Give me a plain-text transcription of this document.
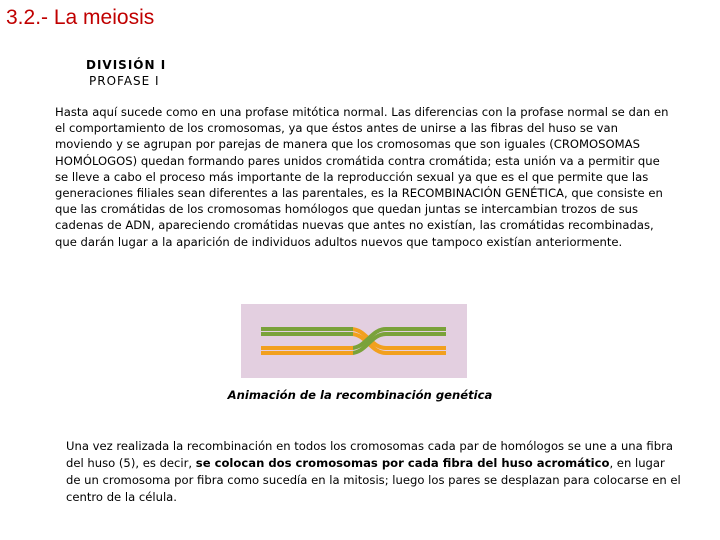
3.2.- La meiosis
DIVISIÓN I
PROFASE I
Hasta aquí sucede como en una profase mitótica normal. Las diferencias con la profase normal se dan en el comportamiento de los cromosomas, ya que éstos antes de unirse a las fibras del huso se van moviendo y se agrupan por parejas de manera que los cromosomas que son iguales (CROMOSOMAS HOMÓLOGOS) quedan formando pares unidos cromátida contra cromátida; esta unión va a permitir que se lleve a cabo el proceso más importante de la reproducción sexual ya que es el que permite que las generaciones filiales sean diferentes a las parentales, es la RECOMBINACIÓN GENÉTICA, que consiste en que las cromátidas de los cromosomas homólogos que quedan juntas se intercambian trozos de sus cadenas de ADN, apareciendo cromátidas nuevas que antes no existían, las cromátidas recombinadas, que darán lugar a la aparición de individuos adultos nuevos que tampoco existían anteriormente.
Animación de la recombinación genética
Una vez realizada la recombinación en todos los cromosomas cada par de homólogos se une a una fibra del huso (5), es decir, se colocan dos cromosomas por cada fibra del huso acromático, en lugar de un cromosoma por fibra como sucedía en la mitosis; luego los pares se desplazan para colocarse en el centro de la célula.
